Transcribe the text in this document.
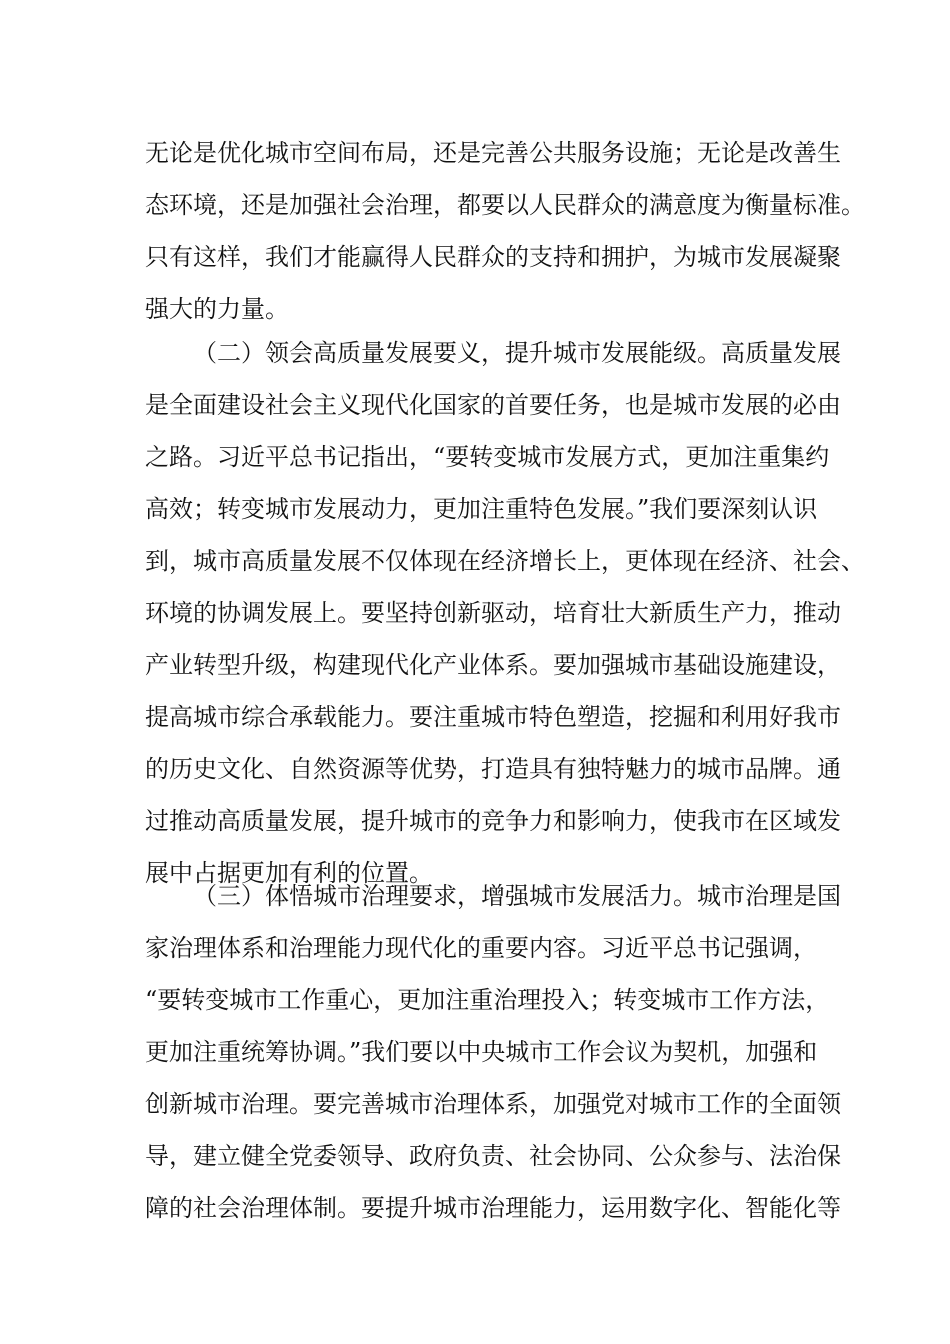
无论是优化城市空间布局，还是完善公共服务设施；无论是改善生
态环境，还是加强社会治理，都要以人民群众的满意度为衡量标准。
只有这样，我们才能赢得人民群众的支持和拥护，为城市发展凝聚
强大的力量。
（二）领会高质量发展要义，提升城市发展能级。高质量发展
是全面建设社会主义现代化国家的首要任务，也是城市发展的必由
之路。习近平总书记指出，“要转变城市发展方式，更加注重集约
高效；转变城市发展动力，更加注重特色发展。”我们要深刻认识
到，城市高质量发展不仅体现在经济增长上，更体现在经济、社会、
环境的协调发展上。要坚持创新驱动，培育壮大新质生产力，推动
产业转型升级，构建现代化产业体系。要加强城市基础设施建设，
提高城市综合承载能力。要注重城市特色塑造，挖掘和利用好我市
的历史文化、自然资源等优势，打造具有独特魅力的城市品牌。通
过推动高质量发展，提升城市的竞争力和影响力，使我市在区域发
展中占据更加有利的位置。
（三）体悟城市治理要求，增强城市发展活力。城市治理是国
家治理体系和治理能力现代化的重要内容。习近平总书记强调，
“要转变城市工作重心，更加注重治理投入；转变城市工作方法，
更加注重统筹协调。”我们要以中央城市工作会议为契机，加强和
创新城市治理。要完善城市治理体系，加强党对城市工作的全面领
导，建立健全党委领导、政府负责、社会协同、公众参与、法治保
障的社会治理体制。要提升城市治理能力，运用数字化、智能化等
